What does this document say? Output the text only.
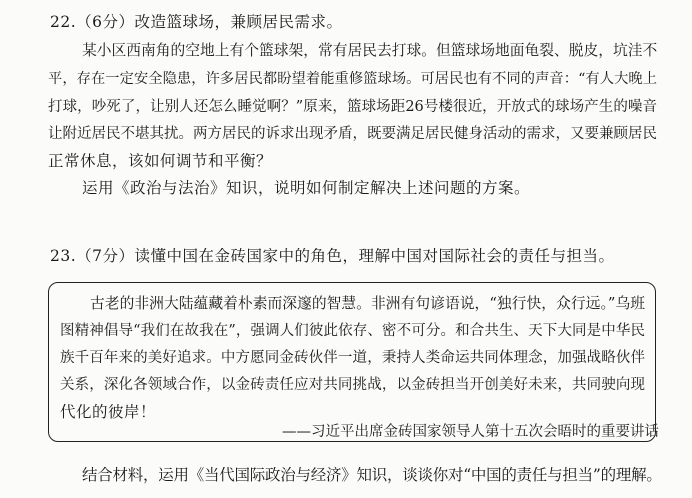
22.（6分）改造篮球场，兼顾居民需求。
某小区西南角的空地上有个篮球架，常有居民去打球。但篮球场地面龟裂、脱皮，坑洼不
平，存在一定安全隐患，许多居民都盼望着能重修篮球场。可居民也有不同的声音：“有人大晚上
打球，吵死了，让别人还怎么睡觉啊？”原来，篮球场距26号楼很近，开放式的球场产生的噪音
让附近居民不堪其扰。两方居民的诉求出现矛盾，既要满足居民健身活动的需求，又要兼顾居民
正常休息，该如何调节和平衡？
运用《政治与法治》知识，说明如何制定解决上述问题的方案。
23.（7分）读懂中国在金砖国家中的角色，理解中国对国际社会的责任与担当。
古老的非洲大陆蕴藏着朴素而深邃的智慧。非洲有句谚语说，“独行快，众行远。”乌班
图精神倡导“我们在故我在”，强调人们彼此依存、密不可分。和合共生、天下大同是中华民
族千百年来的美好追求。中方愿同金砖伙伴一道，秉持人类命运共同体理念，加强战略伙伴
关系，深化各领域合作，以金砖责任应对共同挑战，以金砖担当开创美好未来，共同驶向现
代化的彼岸！
——习近平出席金砖国家领导人第十五次会晤时的重要讲话
结合材料，运用《当代国际政治与经济》知识，谈谈你对“中国的责任与担当”的理解。
